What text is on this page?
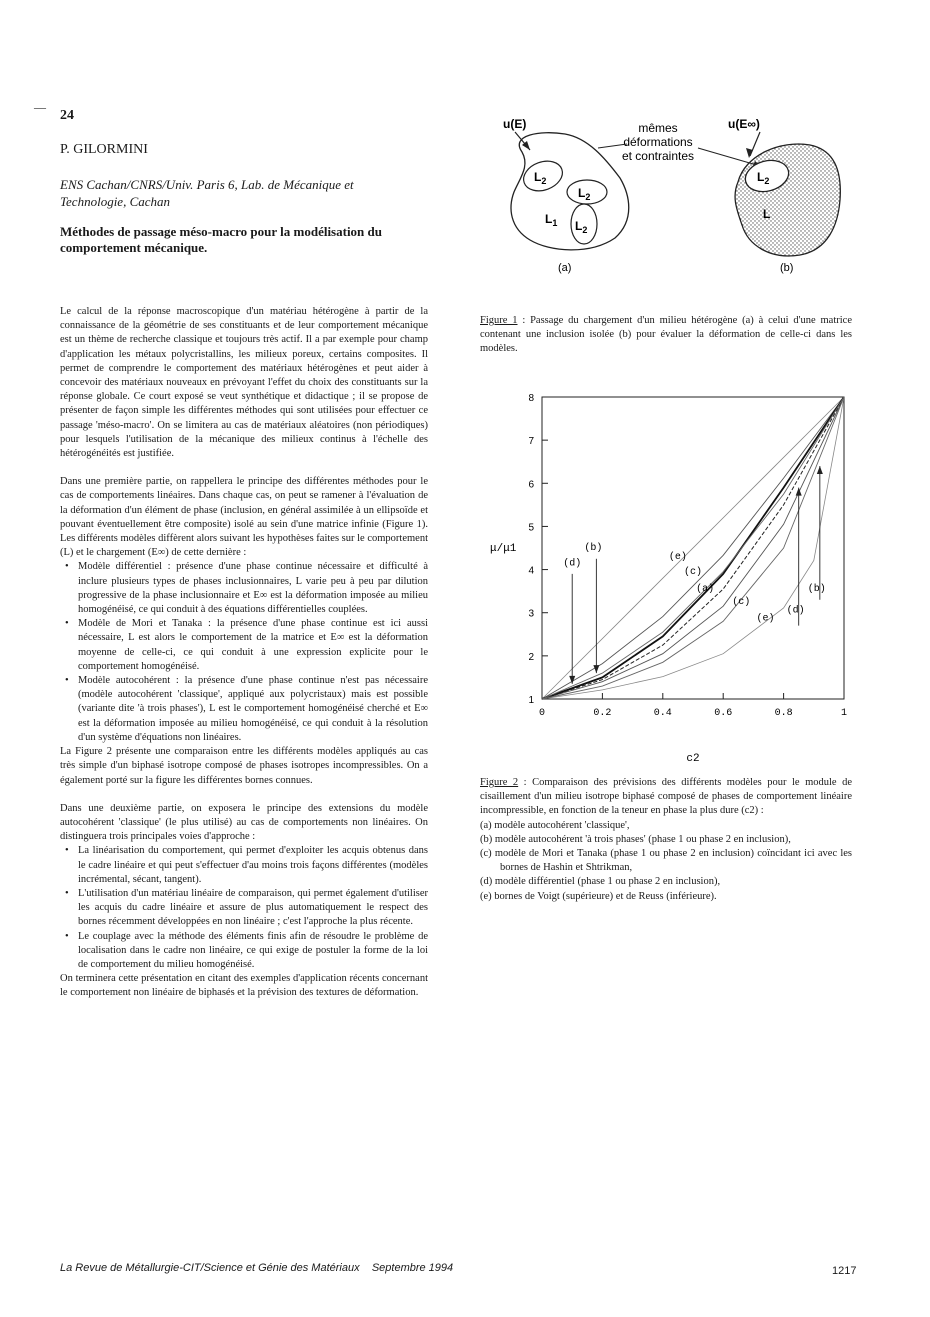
—
24
P. GILORMINI
ENS Cachan/CNRS/Univ. Paris 6, Lab. de Mécanique et Technologie, Cachan
Méthodes de passage méso-macro pour la modélisation du comportement mécanique.

Le calcul de la réponse macroscopique d'un matériau hétérogène à partir de la connaissance de la géométrie de ses constituants et de leur comportement mécanique est un thème de recherche classique et toujours très actif. Il a par exemple pour champ d'application les métaux polycristallins, les milieux poreux, certains composites. Il permet de comprendre le comportement des matériaux hétérogènes et peut aider à concevoir des matériaux nouveaux en prévoyant l'effet du choix des constituants sur la réponse globale. Ce court exposé se veut synthétique et didactique ; il se propose de présenter de façon simple les différentes méthodes qui sont utilisées pour effectuer ce passage 'méso-macro'. On se limitera au cas de matériaux aléatoires (non périodiques) pour lesquels l'utilisation de la mécanique des milieux continus à l'échelle des hétérogénéités est justifiée.

Dans une première partie, on rappellera le principe des différentes méthodes pour le cas de comportements linéaires. Dans chaque cas, on peut se ramener à l'évaluation de la déformation d'un élément de phase (inclusion, en général assimilée à un ellipsoïde et pouvant éventuellement être composite) isolé au sein d'une matrice infinie (Figure 1). Les différents modèles diffèrent alors suivant les hypothèses faites sur le comportement (L) et le chargement (E∞) de cette dernière :

• Modèle différentiel : présence d'une phase continue nécessaire et difficulté à inclure plusieurs types de phases inclusionnaires, L varie peu à peu par dilution progressive de la phase inclusionnaire et E∞ est la déformation imposée au milieu homogénéisé, ce qui conduit à des équations différentielles couplées.
• Modèle de Mori et Tanaka : la présence d'une phase continue est ici aussi nécessaire, L est alors le comportement de la matrice et E∞ est la déformation moyenne de celle-ci, ce qui conduit à une expression explicite pour le comportement homogénéisé.
• Modèle autocohérent : la présence d'une phase continue n'est pas nécessaire (modèle autocohérent 'classique', appliqué aux polycristaux) mais est possible (variante dite 'à trois phases'), L est le comportement homogénéisé cherché et E∞ est la déformation imposée au milieu homogénéisé, ce qui conduit à la résolution d'un système d'équations non linéaires.

La Figure 2 présente une comparaison entre les différents modèles appliqués au cas très simple d'un biphasé isotrope composé de phases isotropes incompressibles. On a également porté sur la figure les différentes bornes connues.

Dans une deuxième partie, on exposera le principe des extensions du modèle autocohérent 'classique' (le plus utilisé) au cas de comportements non linéaires. On distinguera trois principales voies d'approche :

• La linéarisation du comportement, qui permet d'exploiter les acquis obtenus dans le cadre linéaire et qui peut s'effectuer d'au moins trois façons différentes (modèles incrémental, sécant, tangent).
• L'utilisation d'un matériau linéaire de comparaison, qui permet également d'utiliser les acquis du cadre linéaire et assure de plus automatiquement le respect des bornes récemment développées en non linéaire ; c'est l'approche la plus récente.
• Le couplage avec la méthode des éléments finis afin de résoudre le problème de localisation dans le cadre non linéaire, ce qui exige de postuler la forme de la loi de comportement du milieu homogénéisé.

On terminera cette présentation en citant des exemples d'application récents concernant le comportement non linéaire de biphasés et la prévision des textures de déformation.

$L_2$
$L_2$
$L_2$
$L_1$
u(E)
(a)
mêmes
déformations
et contraintes
$L_2$
L
u(E∞)
(b)
Figure 1 : Passage du chargement d'un milieu hétérogène (a) à celui d'une matrice contenant une inclusion isolée (b) pour évaluer la déformation de celle-ci dans les modèles.
1
2
3
4
5
6
7
8
0	0.2	0.4	0.6	0.8	1
(d)
(b)
(e)
(c)
(a)
(c)
(e)
(d)
(b)
μ/μ1
c2
Figure 2 : Comparaison des prévisions des différents modèles pour le module de cisaillement d'un milieu isotrope biphasé composé de phases de comportement linéaire incompressible, en fonction de la teneur en phase la plus dure (c2) :
(a) modèle autocohérent 'classique',
(b) modèle autocohérent 'à trois phases' (phase 1 ou phase 2 en inclusion),
(c) modèle de Mori et Tanaka (phase 1 ou phase 2 en inclusion) coïncidant ici avec les bornes de Hashin et Shtrikman,
(d) modèle différentiel (phase 1 ou phase 2 en inclusion),
(e) bornes de Voigt (supérieure) et de Reuss (inférieure).
La Revue de Métallurgie-CIT/Science et Génie des Matériaux    Septembre 1994	1217
